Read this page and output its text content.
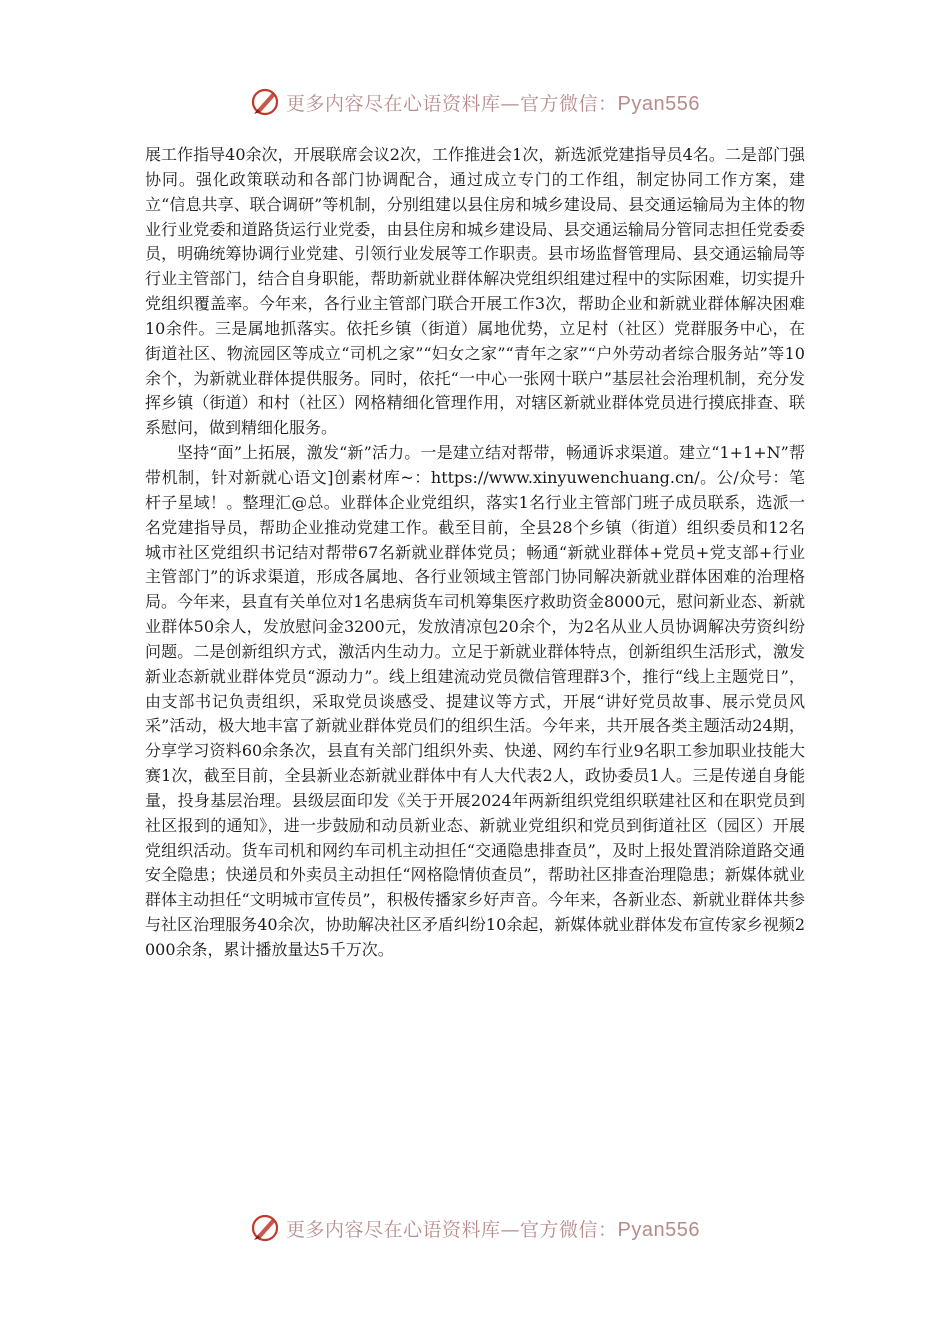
更多内容尽在心语资料库—官方微信：Pyan556

展工作指导40余次，开展联席会议2次，工作推进会1次，新选派党建指导员4名。二是部门强协同。强化政策联动和各部门协调配合，通过成立专门的工作组，制定协同工作方案，建立“信息共享、联合调研”等机制，分别组建以县住房和城乡建设局、县交通运输局为主体的物业行业党委和道路货运行业党委，由县住房和城乡建设局、县交通运输局分管同志担任党委委员，明确统筹协调行业党建、引领行业发展等工作职责。县市场监督管理局、县交通运输局等行业主管部门，结合自身职能，帮助新就业群体解决党组织组建过程中的实际困难，切实提升党组织覆盖率。今年来，各行业主管部门联合开展工作3次，帮助企业和新就业群体解决困难10余件。三是属地抓落实。依托乡镇（街道）属地优势，立足村（社区）党群服务中心，在街道社区、物流园区等成立“司机之家”“妇女之家”“青年之家”“户外劳动者综合服务站”等10余个，为新就业群体提供服务。同时，依托“一中心一张网十联户”基层社会治理机制，充分发挥乡镇（街道）和村（社区）网格精细化管理作用，对辖区新就业群体党员进行摸底排查、联系慰问，做到精细化服务。

坚持“面”上拓展，激发“新”活力。一是建立结对帮带，畅通诉求渠道。建立“1+1+N”帮带机制，针对新就心语文]创素材库~：https://www.xinyuwenchuang.cn/。公/众号：笔杆子星域！。整理汇@总。业群体企业党组织，落实1名行业主管部门班子成员联系，选派一名党建指导员，帮助企业推动党建工作。截至目前，全县28个乡镇（街道）组织委员和12名城市社区党组织书记结对帮带67名新就业群体党员；畅通“新就业群体+党员+党支部+行业主管部门”的诉求渠道，形成各属地、各行业领域主管部门协同解决新就业群体困难的治理格局。今年来，县直有关单位对1名患病货车司机筹集医疗救助资金8000元，慰问新业态、新就业群体50余人，发放慰问金3200元，发放清凉包20余个，为2名从业人员协调解决劳资纠纷问题。二是创新组织方式，激活内生动力。立足于新就业群体特点，创新组织生活形式，激发新业态新就业群体党员“源动力”。线上组建流动党员微信管理群3个，推行“线上主题党日”，由支部书记负责组织，采取党员谈感受、提建议等方式，开展“讲好党员故事、展示党员风采”活动，极大地丰富了新就业群体党员们的组织生活。今年来，共开展各类主题活动24期，分享学习资料60余条次，县直有关部门组织外卖、快递、网约车行业9名职工参加职业技能大赛1次，截至目前，全县新业态新就业群体中有人大代表2人，政协委员1人。三是传递自身能量，投身基层治理。县级层面印发《关于开展2024年两新组织党组织联建社区和在职党员到社区报到的通知》，进一步鼓励和动员新业态、新就业党组织和党员到街道社区（园区）开展党组织活动。货车司机和网约车司机主动担任“交通隐患排查员”，及时上报处置消除道路交通安全隐患；快递员和外卖员主动担任“网格隐情侦查员”，帮助社区排查治理隐患；新媒体就业群体主动担任“文明城市宣传员”，积极传播家乡好声音。今年来，各新业态、新就业群体共参与社区治理服务40余次，协助解决社区矛盾纠纷10余起，新媒体就业群体发布宣传家乡视频2000余条，累计播放量达5千万次。

更多内容尽在心语资料库—官方微信：Pyan556
